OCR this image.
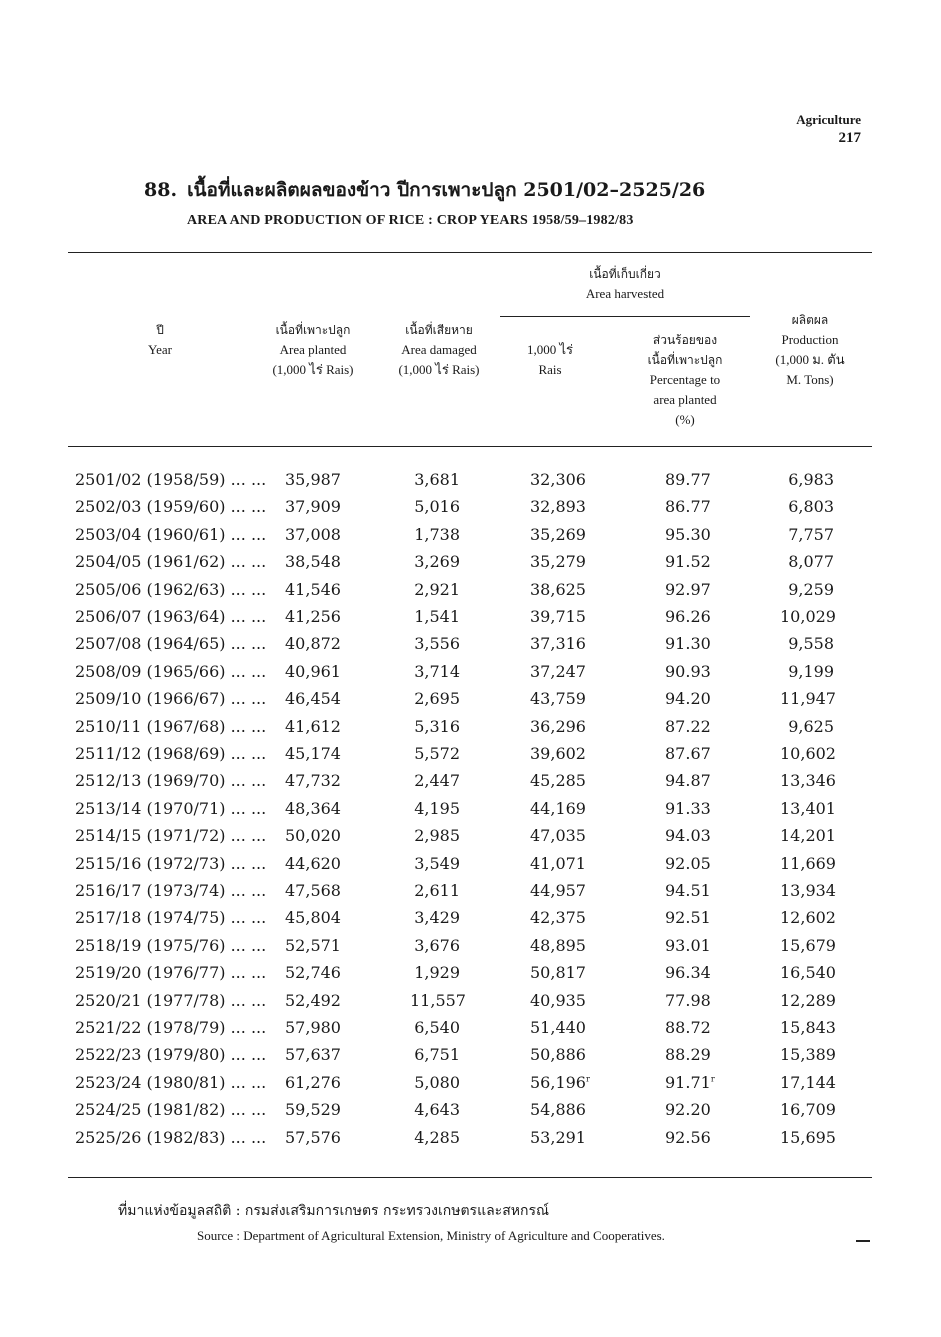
Agriculture
217
88. เนื้อที่และผลิตผลของข้าว ปีการเพาะปลูก 2501/02–2525/26
AREA AND PRODUCTION OF RICE : CROP YEARS 1958/59–1982/83
ปี
Year
เนื้อที่เพาะปลูก
Area planted
(1,000 ไร่ Rais)
เนื้อที่เสียหาย
Area damaged
(1,000 ไร่ Rais)
เนื้อที่เก็บเกี่ยว
Area harvested
1,000 ไร่
Rais
ส่วนร้อยของ
เนื้อที่เพาะปลูก
Percentage to
area planted
(%)
ผลิตผล
Production
(1,000 ม. ตัน
M. Tons)
2501/02 (1958/59) ... ... 35,987	3,681	32,306	89.77	6,983
2502/03 (1959/60) ... ... 37,909	5,016	32,893	86.77	6,803
2503/04 (1960/61) ... ... 37,008	1,738	35,269	95.30	7,757
2504/05 (1961/62) ... ... 38,548	3,269	35,279	91.52	8,077
2505/06 (1962/63) ... ... 41,546	2,921	38,625	92.97	9,259
2506/07 (1963/64) ... ... 41,256	1,541	39,715	96.26	10,029
2507/08 (1964/65) ... ... 40,872	3,556	37,316	91.30	9,558
2508/09 (1965/66) ... ... 40,961	3,714	37,247	90.93	9,199
2509/10 (1966/67) ... ... 46,454	2,695	43,759	94.20	11,947
2510/11 (1967/68) ... ... 41,612	5,316	36,296	87.22	9,625
2511/12 (1968/69) ... ... 45,174	5,572	39,602	87.67	10,602
2512/13 (1969/70) ... ... 47,732	2,447	45,285	94.87	13,346
2513/14 (1970/71) ... ... 48,364	4,195	44,169	91.33	13,401
2514/15 (1971/72) ... ... 50,020	2,985	47,035	94.03	14,201
2515/16 (1972/73) ... ... 44,620	3,549	41,071	92.05	11,669
2516/17 (1973/74) ... ... 47,568	2,611	44,957	94.51	13,934
2517/18 (1974/75) ... ... 45,804	3,429	42,375	92.51	12,602
2518/19 (1975/76) ... ... 52,571	3,676	48,895	93.01	15,679
2519/20 (1976/77) ... ... 52,746	1,929	50,817	96.34	16,540
2520/21 (1977/78) ... ... 52,492	11,557	40,935	77.98	12,289
2521/22 (1978/79) ... ... 57,980	6,540	51,440	88.72	15,843
2522/23 (1979/80) ... ... 57,637	6,751	50,886	88.29	15,389
2523/24 (1980/81) ... ... 61,276	5,080	56,196$^r$	91.71$^r$	17,144
2524/25 (1981/82) ... ... 59,529	4,643	54,886	92.20	16,709
2525/26 (1982/83) ... ... 57,576	4,285	53,291	92.56	15,695
ที่มาแห่งข้อมูลสถิติ : กรมส่งเสริมการเกษตร กระทรวงเกษตรและสหกรณ์
Source : Department of Agricultural Extension, Ministry of Agriculture and Cooperatives.
